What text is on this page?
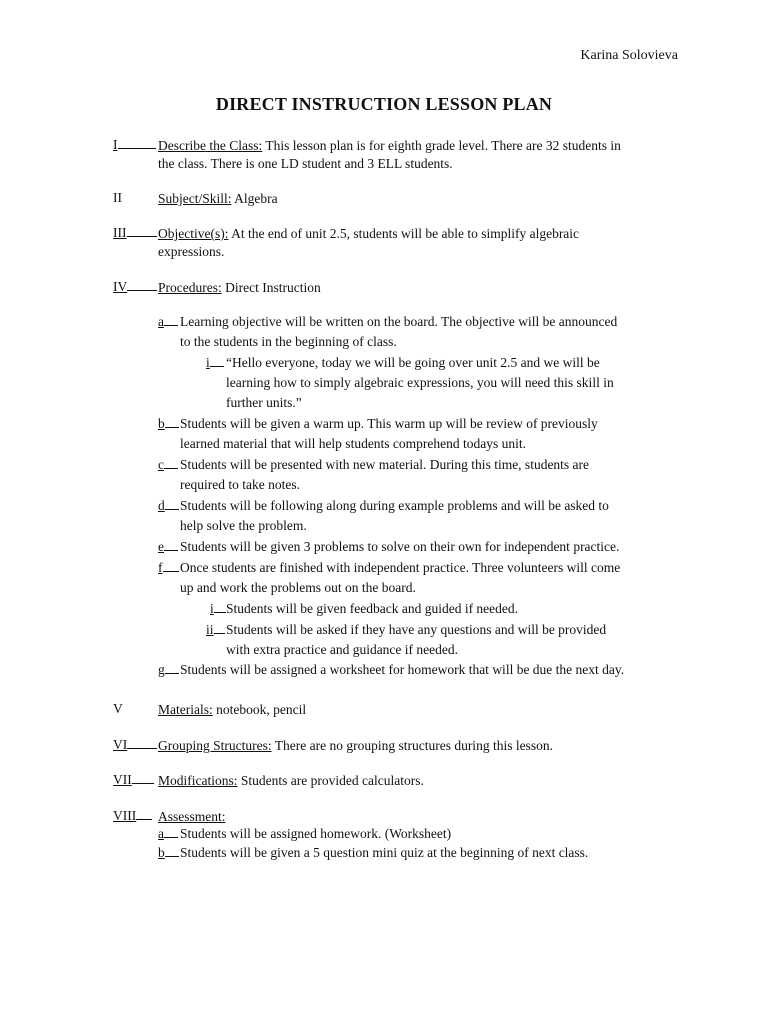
Karina Solovieva
DIRECT INSTRUCTION LESSON PLAN
I	Describe the Class: This lesson plan is for eighth grade level. There are 32 students in
the class. There is one LD student and 3 ELL students.
II	Subject/Skill: Algebra
III	Objective(s): At the end of unit 2.5, students will be able to simplify algebraic
expressions.
IV	Procedures: Direct Instruction
a	Learning objective will be written on the board. The objective will be announced
to the students in the beginning of class.
i	“Hello everyone, today we will be going over unit 2.5 and we will be
learning how to simply algebraic expressions, you will need this skill in
further units.”
b	Students will be given a warm up. This warm up will be review of previously
learned material that will help students comprehend todays unit.
c	Students will be presented with new material. During this time, students are
required to take notes.
d	Students will be following along during example problems and will be asked to
help solve the problem.
e	Students will be given 3 problems to solve on their own for independent practice.
f	Once students are finished with independent practice. Three volunteers will come
up and work the problems out on the board.
i Students will be given feedback and guided if needed.
ii Students will be asked if they have any questions and will be provided
with extra practice and guidance if needed.
g	Students will be assigned a worksheet for homework that will be due the next day.
V	Materials: notebook, pencil
VI	Grouping Structures: There are no grouping structures during this lesson.
VII	Modifications: Students are provided calculators.
VIII	Assessment:
a	Students will be assigned homework. (Worksheet)
b	Students will be given a 5 question mini quiz at the beginning of next class.
